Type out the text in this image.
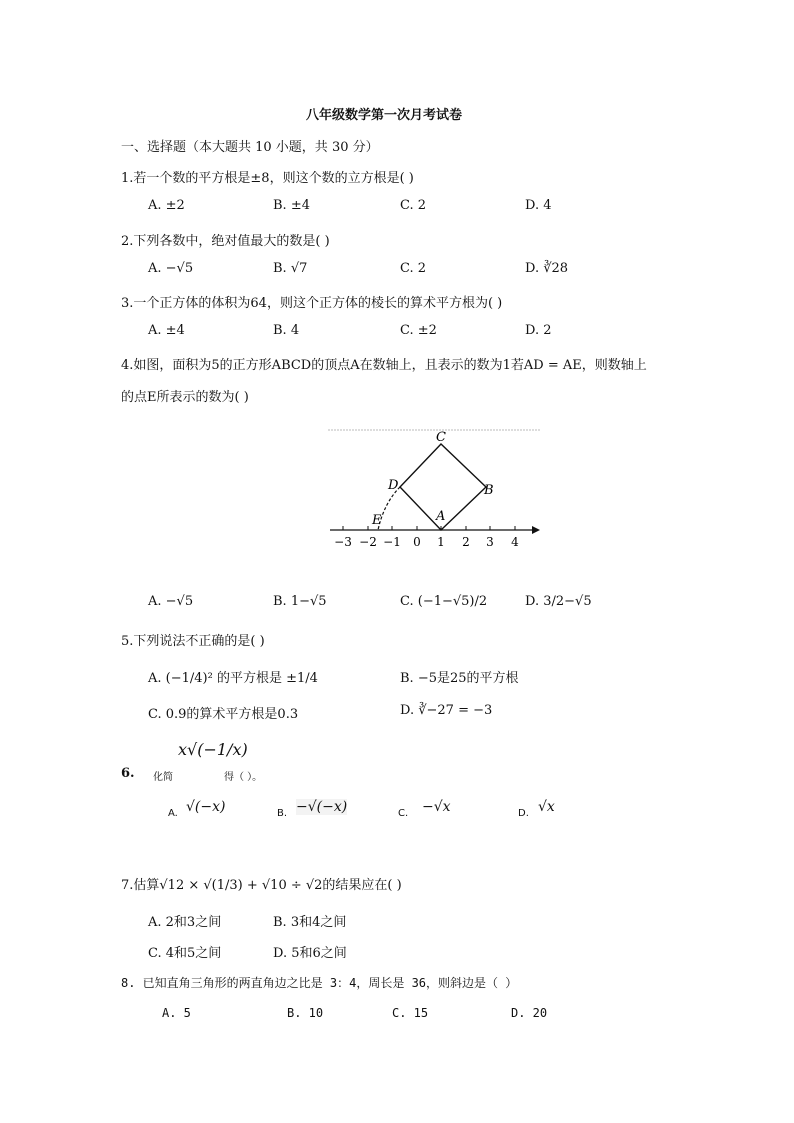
八年级数学第一次月考试卷
一、选择题（本大题共 10 小题，共 30 分）
1.若一个数的平方根是±8，则这个数的立方根是( )
A. ±2	B. ±4	C. 2	D. 4
2.下列各数中，绝对值最大的数是( )
A. −√5	B. √7	C. 2	D. ∛28
3.一个正方体的体积为64，则这个正方体的棱长的算术平方根为( )
A. ±4	B. 4	C. ±2	D. 2
4.如图，面积为5的正方形ABCD的顶点A在数轴上，且表示的数为1若AD = AE，则数轴上
的点E所表示的数为( )
C
D	B
A
E
−3 −2 −1 0 1 2 3 4
A. −√5	B. 1−√5	C. (−1−√5)/2	D. 3/2−√5
5.下列说法不正确的是( )
A. (−1/4)² 的平方根是 ±1/4	B. −5是25的平方根
C. 0.9的算术平方根是0.3	D. ∛−27 = −3
6. 化简
x√(−1/x)
得（ ）。
A. √(−x)	B. −√(−x)	C. −√x	D. √x
7.估算√12 × √(1/3) + √10 ÷ √2的结果应在( )
A. 2和3之间	B. 3和4之间
C. 4和5之间	D. 5和6之间
8. 已知直角三角形的两直角边之比是 3：4，周长是 36，则斜边是（ ）
A. 5	B. 10	C. 15	D. 20
